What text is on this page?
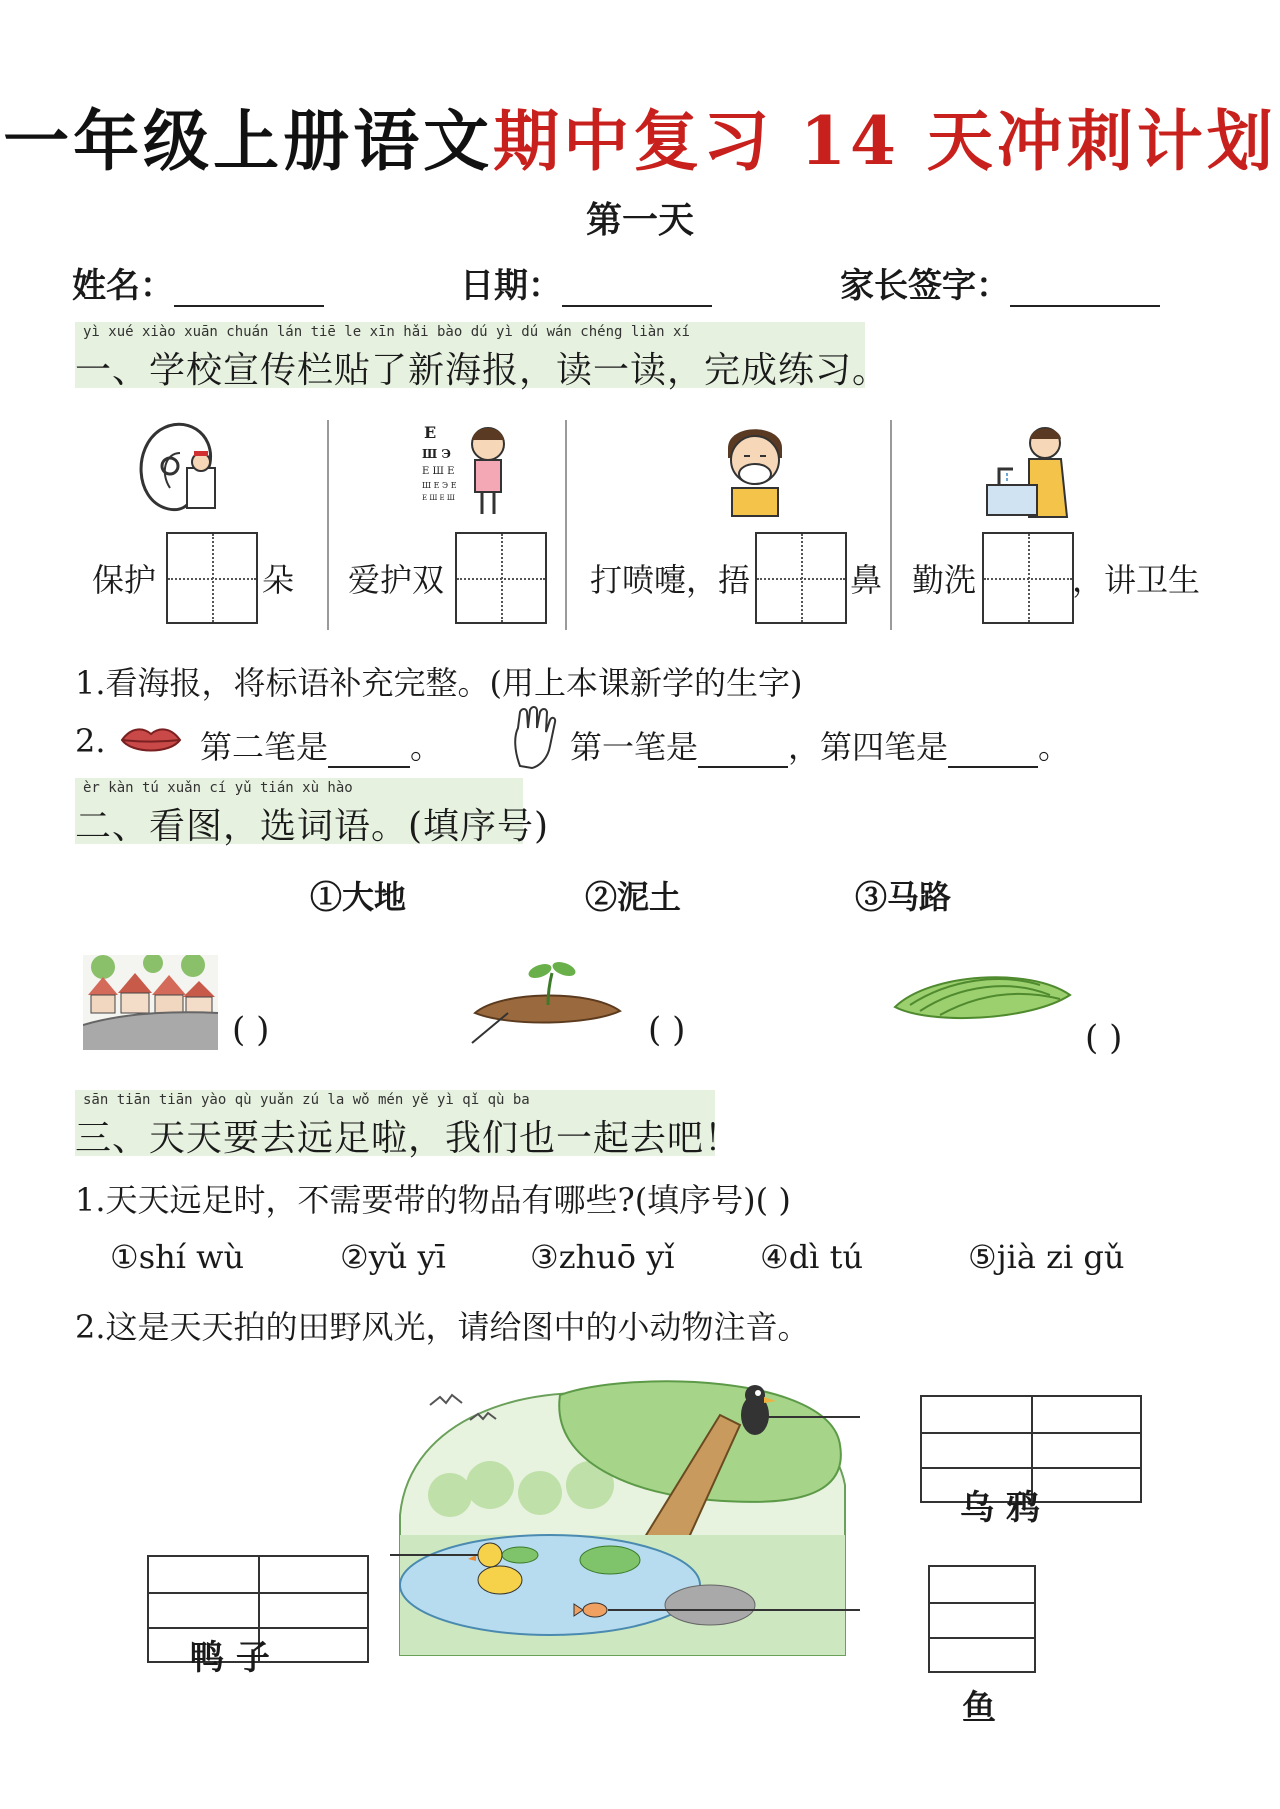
一年级上册语文期中复习 14 天冲刺计划
第一天
姓名：	日期：	家长签字：
yì xué xiào xuān chuán lán tiē le xīn hǎi bào dú yì dú wán chéng liàn xí
一、学校宣传栏贴了新海报，读一读，完成练习。
保护	朵
E
Ш Э
E Ш E
Ш E Э E
E Ш E Ш
爱护双	打喷嚏，捂	鼻 勤洗	，讲卫生
1.看海报，将标语补充完整。(用上本课新学的生字)
2.	第二笔是	。	第一笔是	，第四笔是	。
èr kàn tú xuǎn cí yǔ tián xù hào
二、看图，选词语。(填序号)
①大地	②泥土	③马路
( )	( )	( )
sān tiān tiān yào qù yuǎn zú la wǒ mén yě yì qǐ qù ba
三、天天要去远足啦，我们也一起去吧！
1.天天远足时，不需要带的物品有哪些?(填序号)( )
①shí wù	②yǔ yī	③zhuō yǐ	④dì tú	⑤jià zi gǔ
2.这是天天拍的田野风光，请给图中的小动物注音。
乌 鸦
鸭 子
鱼
